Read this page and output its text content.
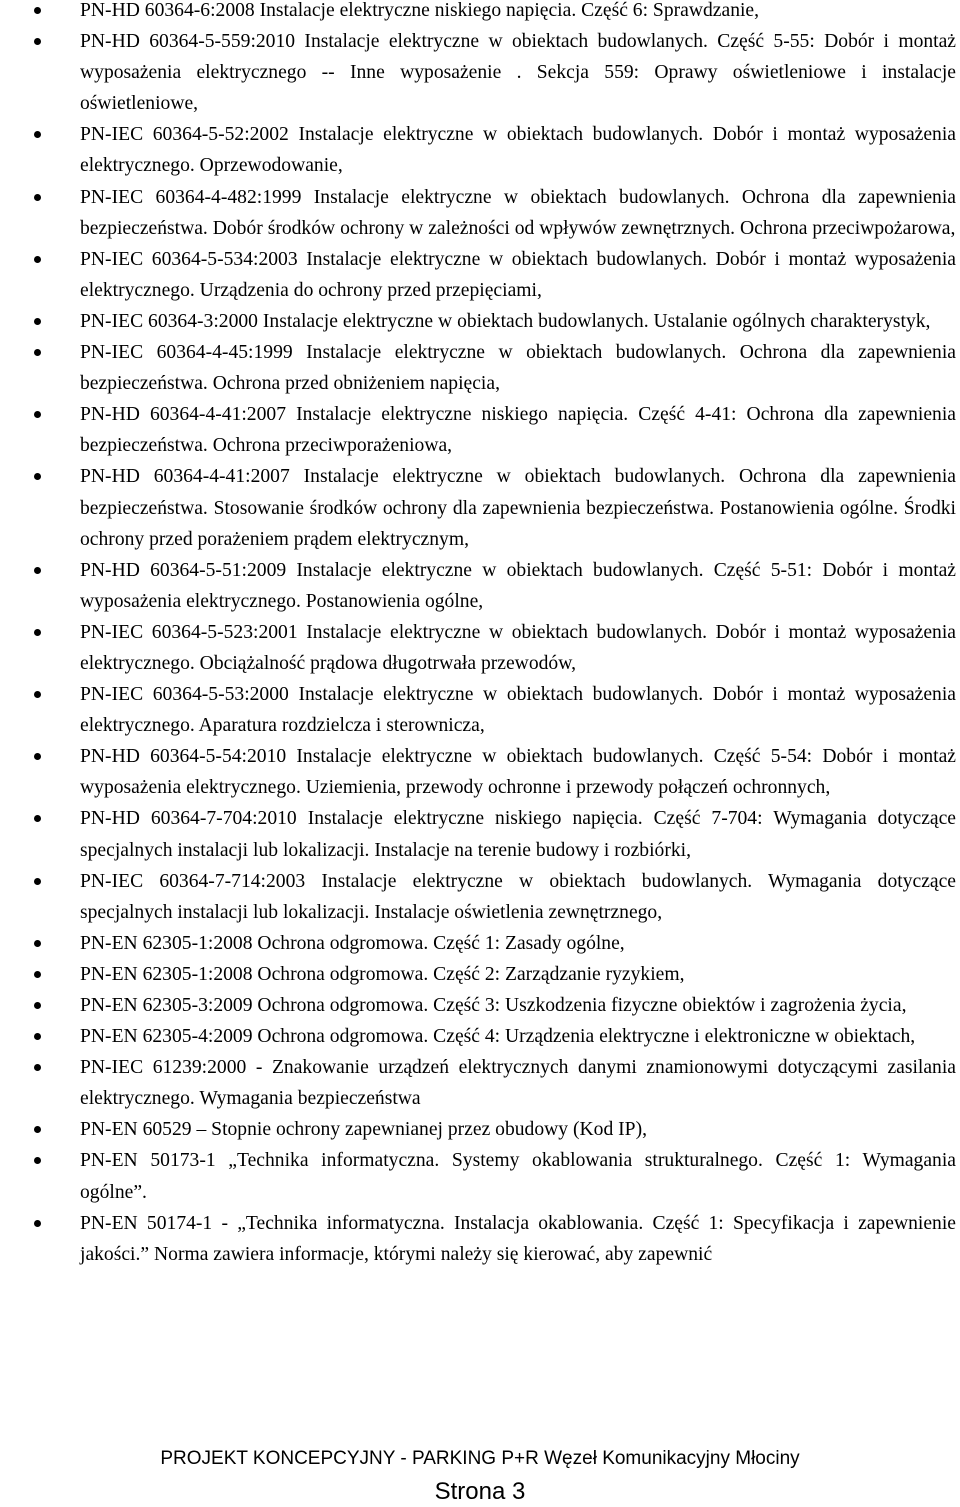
PN-HD 60364-6:2008 Instalacje elektryczne niskiego napięcia. Część 6: Sprawdzanie,
PN-HD 60364-5-559:2010 Instalacje elektryczne w obiektach budowlanych. Część 5-55: Dobór i montaż wyposażenia elektrycznego -- Inne wyposażenie . Sekcja 559: Oprawy oświetleniowe i instalacje oświetleniowe,
PN-IEC 60364-5-52:2002 Instalacje elektryczne w obiektach budowlanych. Dobór i montaż wyposażenia elektrycznego. Oprzewodowanie,
PN-IEC 60364-4-482:1999 Instalacje elektryczne w obiektach budowlanych. Ochrona dla zapewnienia bezpieczeństwa. Dobór środków ochrony w zależności od wpływów zewnętrznych. Ochrona przeciwpożarowa,
PN-IEC 60364-5-534:2003 Instalacje elektryczne w obiektach budowlanych. Dobór i montaż wyposażenia elektrycznego. Urządzenia do ochrony przed przepięciami,
PN-IEC 60364-3:2000 Instalacje elektryczne w obiektach budowlanych. Ustalanie ogólnych charakterystyk,
PN-IEC 60364-4-45:1999 Instalacje elektryczne w obiektach budowlanych. Ochrona dla zapewnienia bezpieczeństwa. Ochrona przed obniżeniem napięcia,
PN-HD 60364-4-41:2007 Instalacje elektryczne niskiego napięcia. Część 4-41: Ochrona dla zapewnienia bezpieczeństwa. Ochrona przeciwporażeniowa,
PN-HD 60364-4-41:2007 Instalacje elektryczne w obiektach budowlanych. Ochrona dla zapewnienia bezpieczeństwa. Stosowanie środków ochrony dla zapewnienia bezpieczeństwa. Postanowienia ogólne. Środki ochrony przed porażeniem prądem elektrycznym,
PN-HD 60364-5-51:2009 Instalacje elektryczne w obiektach budowlanych. Część 5-51: Dobór i montaż wyposażenia elektrycznego. Postanowienia ogólne,
PN-IEC 60364-5-523:2001 Instalacje elektryczne w obiektach budowlanych. Dobór i montaż wyposażenia elektrycznego. Obciążalność prądowa długotrwała przewodów,
PN-IEC 60364-5-53:2000 Instalacje elektryczne w obiektach budowlanych. Dobór i montaż wyposażenia elektrycznego. Aparatura rozdzielcza i sterownicza,
PN-HD 60364-5-54:2010 Instalacje elektryczne w obiektach budowlanych. Część 5-54: Dobór i montaż wyposażenia elektrycznego. Uziemienia, przewody ochronne i przewody połączeń ochronnych,
PN-HD 60364-7-704:2010 Instalacje elektryczne niskiego napięcia. Część 7-704: Wymagania dotyczące specjalnych instalacji lub lokalizacji. Instalacje na terenie budowy i rozbiórki,
PN-IEC 60364-7-714:2003 Instalacje elektryczne w obiektach budowlanych. Wymagania dotyczące specjalnych instalacji lub lokalizacji. Instalacje oświetlenia zewnętrznego,
PN-EN 62305-1:2008 Ochrona odgromowa. Część 1: Zasady ogólne,
PN-EN 62305-1:2008 Ochrona odgromowa. Część 2: Zarządzanie ryzykiem,
PN-EN 62305-3:2009 Ochrona odgromowa. Część 3: Uszkodzenia fizyczne obiektów i zagrożenia życia,
PN-EN 62305-4:2009 Ochrona odgromowa. Część 4: Urządzenia elektryczne i elektroniczne w obiektach,
PN-IEC 61239:2000 - Znakowanie urządzeń elektrycznych danymi znamionowymi dotyczącymi zasilania elektrycznego. Wymagania bezpieczeństwa
PN-EN 60529 – Stopnie ochrony zapewnianej przez obudowy (Kod IP),
PN-EN 50173-1 „Technika informatyczna. Systemy okablowania strukturalnego. Część 1: Wymagania ogólne”.
PN-EN 50174-1 - „Technika informatyczna. Instalacja okablowania. Część 1: Specyfikacja i zapewnienie jakości.” Norma zawiera informacje, którymi należy się kierować, aby zapewnić
PROJEKT KONCEPCYJNY - PARKING P+R Węzeł Komunikacyjny Młociny
Strona 3
